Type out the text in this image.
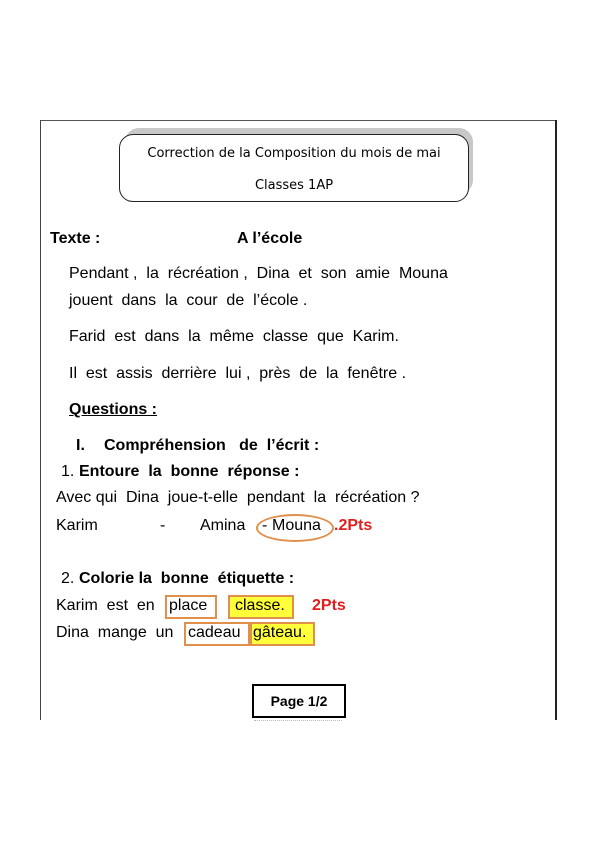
Correction de la Composition du mois de mai
Classes 1AP
Texte :	A l’école
Pendant ,  la  récréation ,  Dina  et  son  amie  Mouna
jouent  dans  la  cour  de  l’école .
Farid  est  dans  la  même  classe  que  Karim.
Il  est  assis  derrière  lui ,  près  de  la  fenêtre .
Questions :
I. Compréhension   de  l’écrit :
1. Entoure  la  bonne  réponse :
Avec qui  Dina  joue-t-elle  pendant  la  récréation ?
Karim	- Amina - Mouna .2Pts
2. Colorie la  bonne  étiquette :
Karim  est  en place classe. 2Pts
Dina  mange  un cadeau gâteau.
Page 1/2
